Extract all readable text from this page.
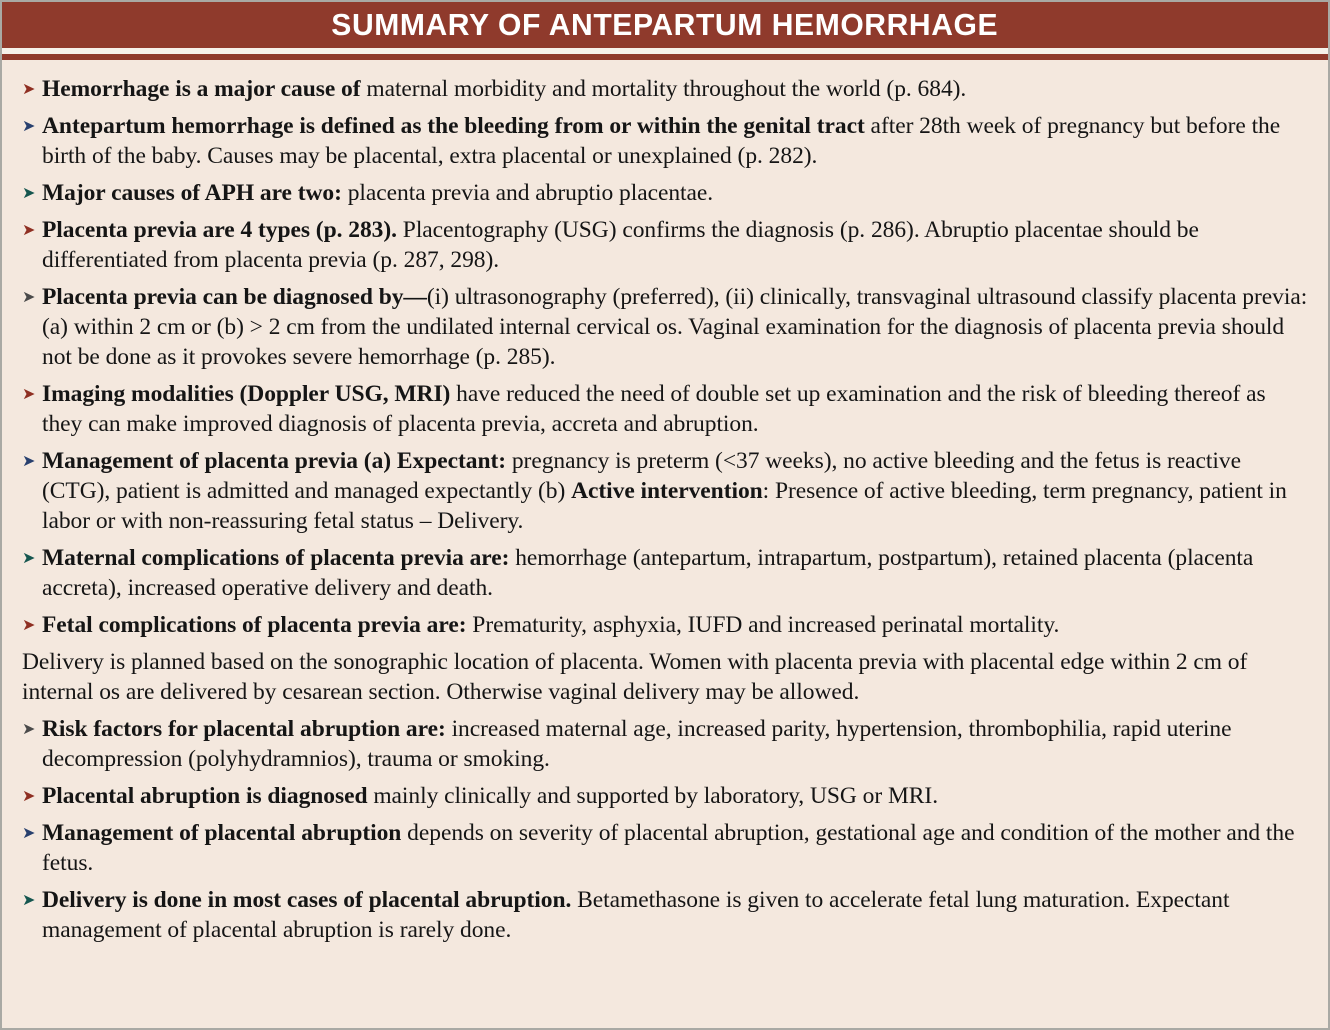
SUMMARY OF ANTEPARTUM HEMORRHAGE
➤ Hemorrhage is a major cause of maternal morbidity and mortality throughout the world (p. 684).
➤ Antepartum hemorrhage is defined as the bleeding from or within the genital tract after 28th week of pregnancy but before the birth of the baby. Causes may be placental, extra placental or unexplained (p. 282).
➤ Major causes of APH are two: placenta previa and abruptio placentae.
➤ Placenta previa are 4 types (p. 283). Placentography (USG) confirms the diagnosis (p. 286). Abruptio placentae should be differentiated from placenta previa (p. 287, 298).
➤ Placenta previa can be diagnosed by—(i) ultrasonography (preferred), (ii) clinically, transvaginal ultrasound classify placenta previa: (a) within 2 cm or (b) > 2 cm from the undilated internal cervical os. Vaginal examination for the diagnosis of placenta previa should not be done as it provokes severe hemorrhage (p. 285).
➤ Imaging modalities (Doppler USG, MRI) have reduced the need of double set up examination and the risk of bleeding thereof as they can make improved diagnosis of placenta previa, accreta and abruption.
➤ Management of placenta previa (a) Expectant: pregnancy is preterm (<37 weeks), no active bleeding and the fetus is reactive (CTG), patient is admitted and managed expectantly (b) Active intervention: Presence of active bleeding, term pregnancy, patient in labor or with non-reassuring fetal status – Delivery.
➤ Maternal complications of placenta previa are: hemorrhage (antepartum, intrapartum, postpartum), retained placenta (placenta accreta), increased operative delivery and death.
➤ Fetal complications of placenta previa are: Prematurity, asphyxia, IUFD and increased perinatal mortality.

Delivery is planned based on the sonographic location of placenta. Women with placenta previa with placental edge within 2 cm of internal os are delivered by cesarean section. Otherwise vaginal delivery may be allowed.

➤ Risk factors for placental abruption are: increased maternal age, increased parity, hypertension, thrombophilia, rapid uterine decompression (polyhydramnios), trauma or smoking.
➤ Placental abruption is diagnosed mainly clinically and supported by laboratory, USG or MRI.
➤ Management of placental abruption depends on severity of placental abruption, gestational age and condition of the mother and the fetus.
➤ Delivery is done in most cases of placental abruption. Betamethasone is given to accelerate fetal lung maturation. Expectant management of placental abruption is rarely done.
